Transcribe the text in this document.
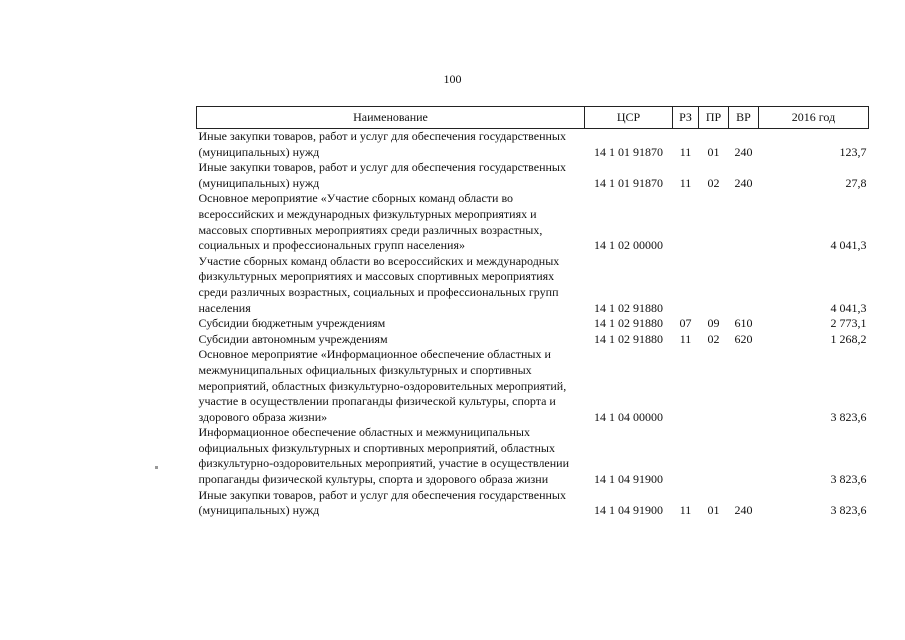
100
Наименование	ЦСР	РЗ	ПР	ВР	2016 год
Иные закупки товаров, работ и услуг для обеспечения государственных (муниципальных) нужд	14 1 01 91870	11	01	240	123,7
Иные закупки товаров, работ и услуг для обеспечения государственных (муниципальных) нужд	14 1 01 91870	11	02	240	27,8
Основное мероприятие «Участие сборных команд области во всероссийских и международных физкультурных мероприятиях и массовых спортивных мероприятиях среди различных возрастных, социальных и профессиональных групп населения»	14 1 02 00000				4 041,3
Участие сборных команд области во всероссийских и международных физкультурных мероприятиях и массовых спортивных мероприятиях среди различных возрастных, социальных и профессиональных групп населения	14 1 02 91880				4 041,3
Субсидии бюджетным учреждениям	14 1 02 91880	07	09	610	2 773,1
Субсидии автономным учреждениям	14 1 02 91880	11	02	620	1 268,2
Основное мероприятие «Информационное обеспечение областных и межмуниципальных официальных физкультурных и спортивных мероприятий, областных физкультурно-оздоровительных мероприятий, участие в осуществлении пропаганды физической культуры, спорта и здорового образа жизни»	14 1 04 00000				3 823,6
Информационное обеспечение областных и межмуниципальных официальных физкультурных и спортивных мероприятий, областных физкультурно-оздоровительных мероприятий, участие в осуществлении пропаганды физической культуры, спорта и здорового образа жизни	14 1 04 91900				3 823,6
Иные закупки товаров, работ и услуг для обеспечения государственных (муниципальных) нужд	14 1 04 91900	11	01	240	3 823,6
